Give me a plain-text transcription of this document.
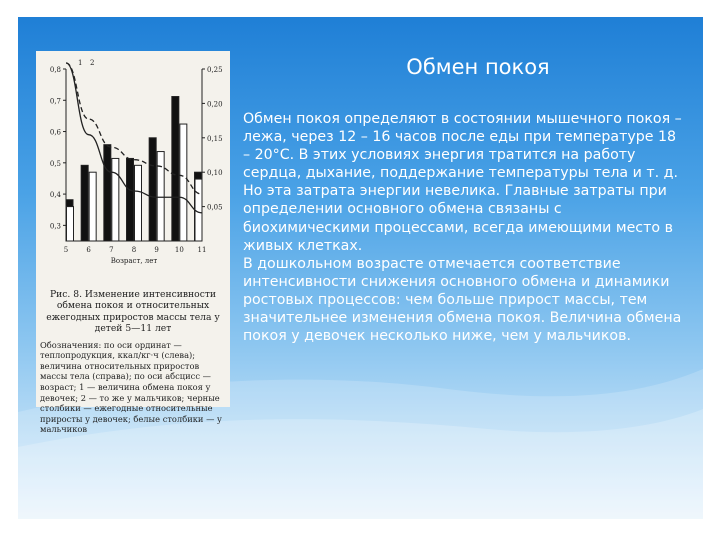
0,8
0,7
0,6
0,5
0,4
0,3
0,25
0,20
0,15
0,10
0,05
5	6	7	8	9 10 11
Возраст, лет
1 2
Рис. 8. Изменение интенсивности обмена покоя и относительных ежегодных приростов массы тела у детей 5—11 лет
Обозначения: по оси ординат — теплопродукция, ккал/кг·ч (слева); величина относительных приростов массы тела (справа); по оси абсцисс — возраст; 1 — величина обмена покоя у девочек; 2 — то же у мальчиков; черные столбики — ежегодные относительные приросты у девочек; белые столбики — у мальчиков
Обмен покоя

Обмен покоя определяют в состоянии мышечного покоя – лежа, через 12 – 16 часов после еды при температуре 18 – 20°С. В этих условиях энергия тратится на работу сердца, дыхание, поддержание температуры тела и т. д. Но эта затрата энергии невелика. Главные затраты при определении основного обмена связаны с биохимическими процессами, всегда имеющими место в живых клетках.

В дошкольном возрасте отмечается соответствие интенсивности снижения основного обмена и динамики ростовых процессов: чем больше прирост массы, тем значительнее изменения обмена покоя. Величина обмена покоя у девочек несколько ниже, чем у мальчиков.
